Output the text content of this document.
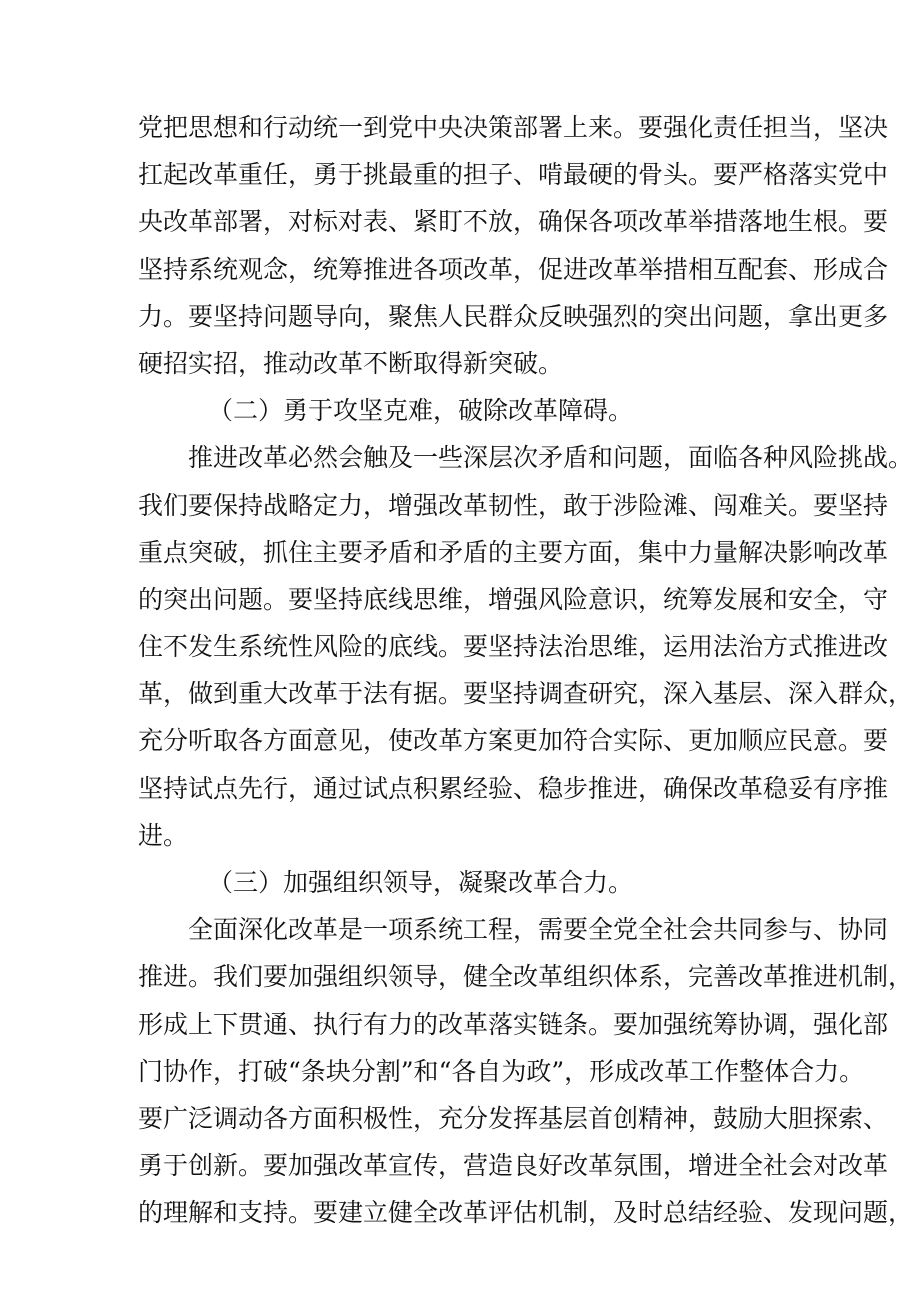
党把思想和行动统一到党中央决策部署上来。要强化责任担当，坚决
扛起改革重任，勇于挑最重的担子、啃最硬的骨头。要严格落实党中
央改革部署，对标对表、紧盯不放，确保各项改革举措落地生根。要
坚持系统观念，统筹推进各项改革，促进改革举措相互配套、形成合
力。要坚持问题导向，聚焦人民群众反映强烈的突出问题，拿出更多
硬招实招，推动改革不断取得新突破。
（二）勇于攻坚克难，破除改革障碍。
推进改革必然会触及一些深层次矛盾和问题，面临各种风险挑战。
我们要保持战略定力，增强改革韧性，敢于涉险滩、闯难关。要坚持
重点突破，抓住主要矛盾和矛盾的主要方面，集中力量解决影响改革
的突出问题。要坚持底线思维，增强风险意识，统筹发展和安全，守
住不发生系统性风险的底线。要坚持法治思维，运用法治方式推进改
革，做到重大改革于法有据。要坚持调查研究，深入基层、深入群众，
充分听取各方面意见，使改革方案更加符合实际、更加顺应民意。要
坚持试点先行，通过试点积累经验、稳步推进，确保改革稳妥有序推
进。
（三）加强组织领导，凝聚改革合力。
全面深化改革是一项系统工程，需要全党全社会共同参与、协同
推进。我们要加强组织领导，健全改革组织体系，完善改革推进机制，
形成上下贯通、执行有力的改革落实链条。要加强统筹协调，强化部
门协作，打破“条块分割”和“各自为政”，形成改革工作整体合力。
要广泛调动各方面积极性，充分发挥基层首创精神，鼓励大胆探索、
勇于创新。要加强改革宣传，营造良好改革氛围，增进全社会对改革
的理解和支持。要建立健全改革评估机制，及时总结经验、发现问题，
